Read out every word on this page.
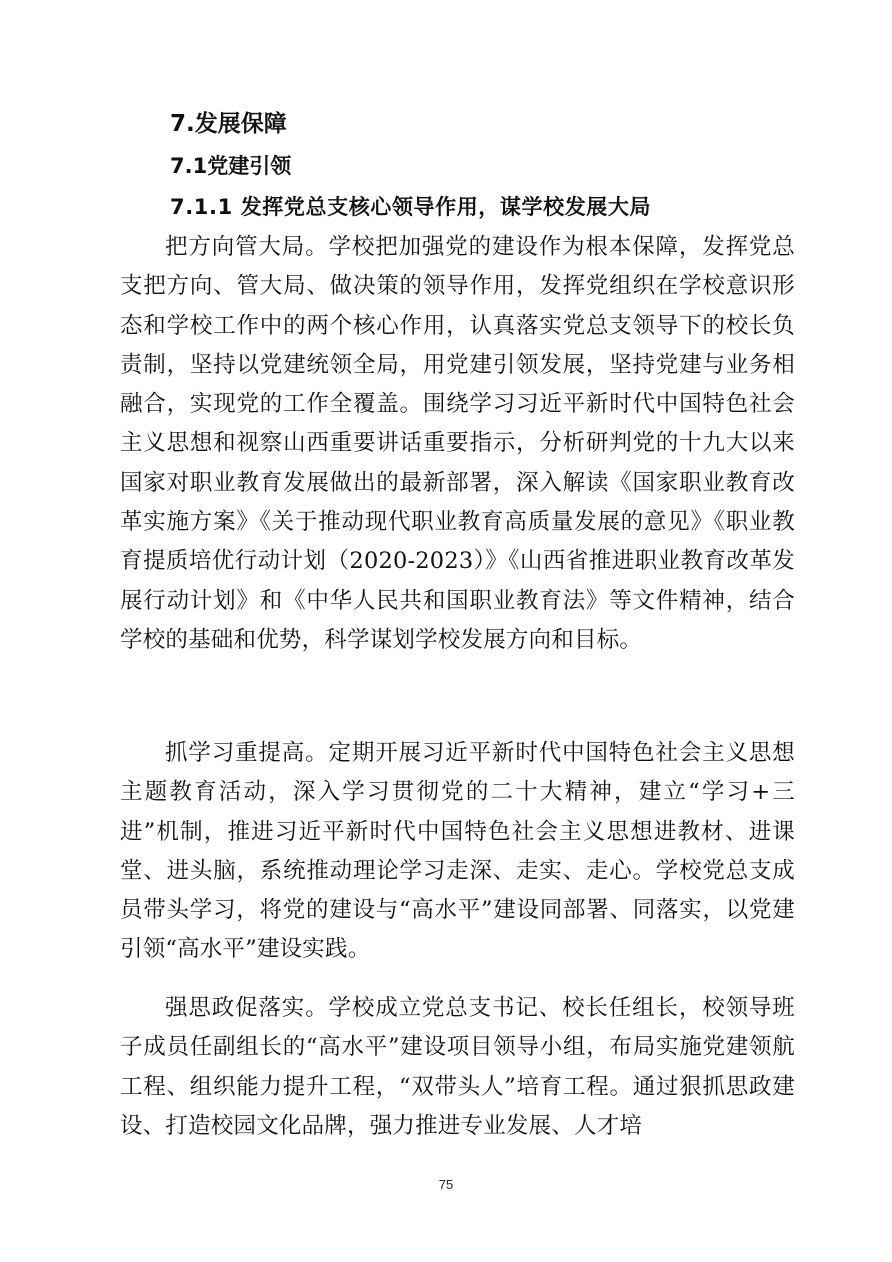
7.发展保障
7.1党建引领
7.1.1 发挥党总支核心领导作用，谋学校发展大局

把方向管大局。学校把加强党的建设作为根本保障，发挥党总支把方向、管大局、做决策的领导作用，发挥党组织在学校意识形态和学校工作中的两个核心作用，认真落实党总支领导下的校长负责制，坚持以党建统领全局，用党建引领发展，坚持党建与业务相融合，实现党的工作全覆盖。围绕学习习近平新时代中国特色社会主义思想和视察山西重要讲话重要指示，分析研判党的十九大以来国家对职业教育发展做出的最新部署，深入解读《国家职业教育改革实施方案》《关于推动现代职业教育高质量发展的意见》《职业教育提质培优行动计划（2020-2023）》《山西省推进职业教育改革发展行动计划》和《中华人民共和国职业教育法》等文件精神，结合学校的基础和优势，科学谋划学校发展方向和目标。

抓学习重提高。定期开展习近平新时代中国特色社会主义思想主题教育活动，深入学习贯彻党的二十大精神，建立“学习+三进”机制，推进习近平新时代中国特色社会主义思想进教材、进课堂、进头脑，系统推动理论学习走深、走实、走心。学校党总支成员带头学习，将党的建设与“高水平”建设同部署、同落实，以党建引领“高水平”建设实践。

强思政促落实。学校成立党总支书记、校长任组长，校领导班子成员任副组长的“高水平”建设项目领导小组，布局实施党建领航工程、组织能力提升工程，“双带头人”培育工程。通过狠抓思政建设、打造校园文化品牌，强力推进专业发展、人才培

75
